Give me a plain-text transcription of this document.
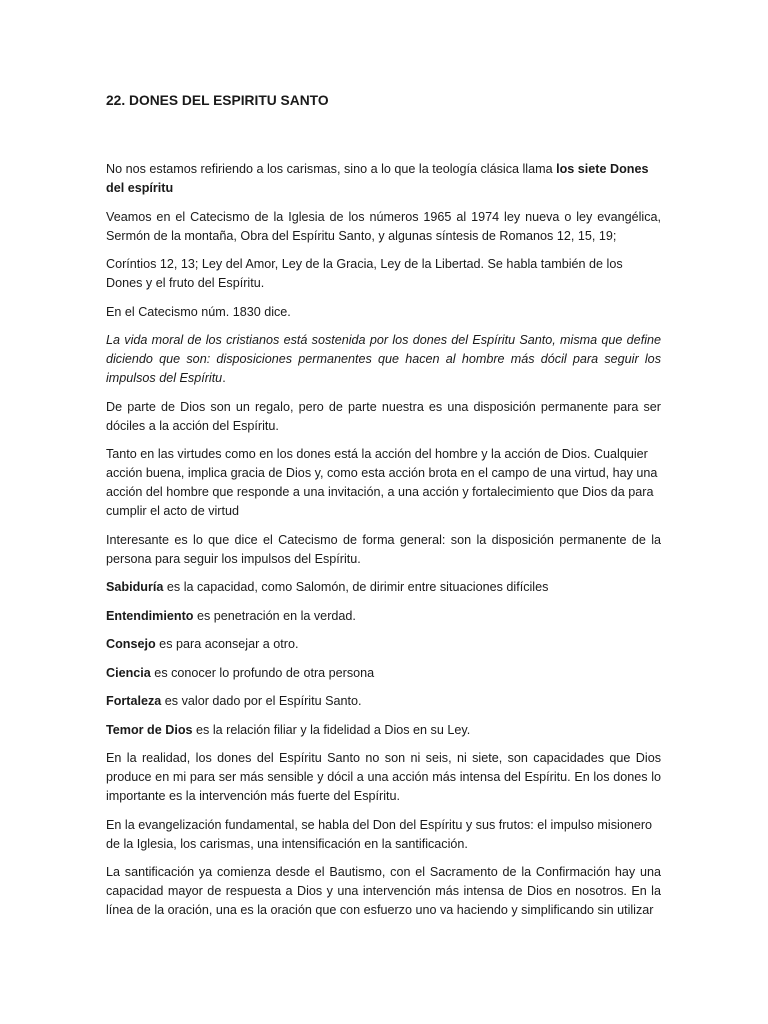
22. DONES DEL ESPIRITU SANTO

No nos estamos refiriendo a los carismas, sino a lo que la teología clásica llama los siete Dones del espíritu

Veamos en el Catecismo de la Iglesia de los números 1965 al 1974 ley nueva o ley evangélica, Sermón de la montaña, Obra del Espíritu Santo, y algunas síntesis de Romanos 12, 15, 19;

Coríntios 12, 13; Ley del Amor, Ley de la Gracia, Ley de la Libertad. Se habla también de los Dones y el fruto del Espíritu.

En el Catecismo núm. 1830 dice.

La vida moral de los cristianos está sostenida por los dones del Espíritu Santo, misma que define diciendo que son: disposiciones permanentes que hacen al hombre más dócil para seguir los impulsos del Espíritu.

De parte de Dios son un regalo, pero de parte nuestra es una disposición permanente para ser dóciles a la acción del Espíritu.

Tanto en las virtudes como en los dones está la acción del hombre y la acción de Dios. Cualquier acción buena, implica gracia de Dios y, como esta acción brota en el campo de una virtud, hay una acción del hombre que responde a una invitación, a una acción y fortalecimiento que Dios da para cumplir el acto de virtud

Interesante es lo que dice el Catecismo de forma general: son la disposición permanente de la persona para seguir los impulsos del Espíritu.

Sabiduría es la capacidad, como Salomón, de dirimir entre situaciones difíciles

Entendimiento es penetración en la verdad.

Consejo es para aconsejar a otro.

Ciencia es conocer lo profundo de otra persona

Fortaleza es valor dado por el Espíritu Santo.

Temor de Dios es la relación filiar y la fidelidad a Dios en su Ley.

En la realidad, los dones del Espíritu Santo no son ni seis, ni siete, son capacidades que Dios produce en mi para ser más sensible y dócil a una acción más intensa del Espíritu. En los dones lo importante es la intervención más fuerte del Espíritu.

En la evangelización fundamental, se habla del Don del Espíritu y sus frutos: el impulso misionero de la Iglesia, los carismas, una intensificación en la santificación.

La santificación ya comienza desde el Bautismo, con el Sacramento de la Confirmación hay una capacidad mayor de respuesta a Dios y una intervención más intensa de Dios en nosotros. En la línea de la oración, una es la oración que con esfuerzo uno va haciendo y simplificando sin utilizar
